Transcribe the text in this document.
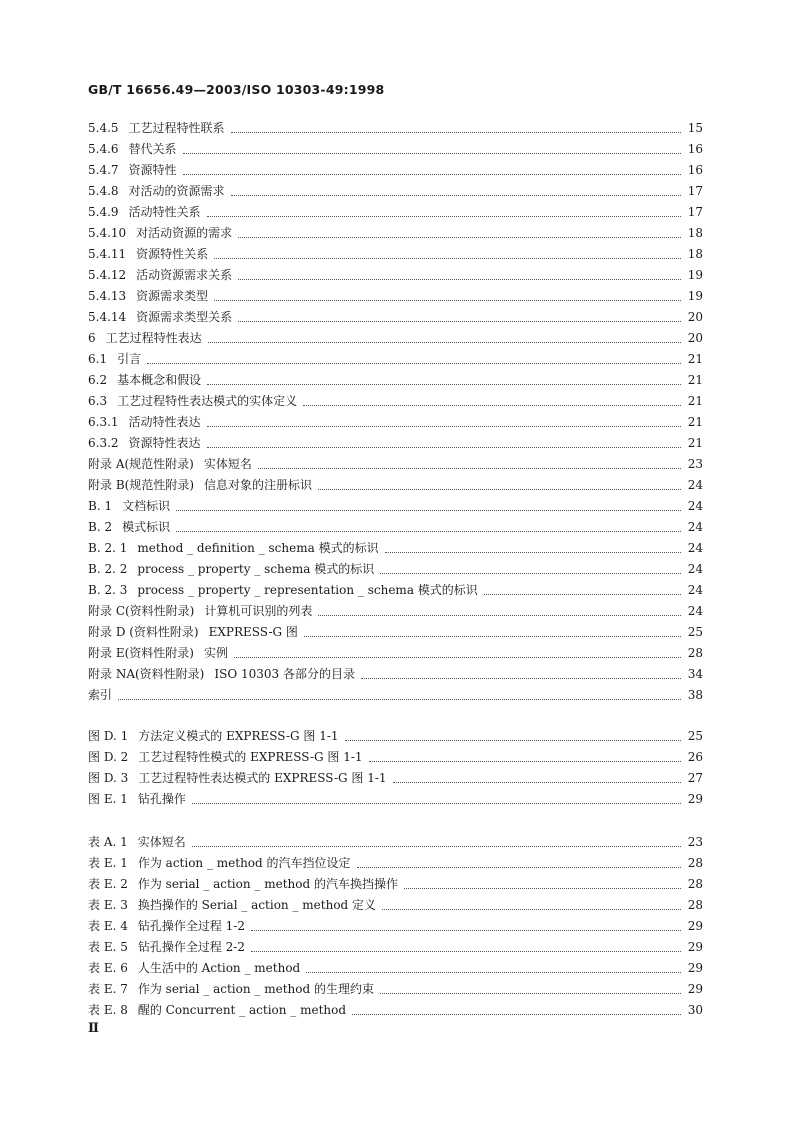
GB/T 16656.49—2003/ISO 10303-49:1998
5.4.5 工艺过程特性联系	15
5.4.6 替代关系	16
5.4.7 资源特性	16
5.4.8 对活动的资源需求	17
5.4.9 活动特性关系	17
5.4.10 对活动资源的需求	18
5.4.11 资源特性关系	18
5.4.12 活动资源需求关系	19
5.4.13 资源需求类型	19
5.4.14 资源需求类型关系	20
6 工艺过程特性表达	20
6.1 引言	21
6.2 基本概念和假设	21
6.3 工艺过程特性表达模式的实体定义	21
6.3.1 活动特性表达	21
6.3.2 资源特性表达	21
附录 A(规范性附录) 实体短名	23
附录 B(规范性附录) 信息对象的注册标识	24
B. 1 文档标识	24
B. 2 模式标识	24
B. 2. 1 method _ definition _ schema 模式的标识	24
B. 2. 2 process _ property _ schema 模式的标识	24
B. 2. 3 process _ property _ representation _ schema 模式的标识	24
附录 C(资料性附录) 计算机可识别的列表	24
附录 D (资料性附录) EXPRESS-G 图	25
附录 E(资料性附录) 实例	28
附录 NA(资料性附录) ISO 10303 各部分的目录	34
索引	38
图 D. 1 方法定义模式的 EXPRESS-G 图 1-1	25
图 D. 2 工艺过程特性模式的 EXPRESS-G 图 1-1	26
图 D. 3 工艺过程特性表达模式的 EXPRESS-G 图 1-1	27
图 E. 1 钻孔操作	29
表 A. 1 实体短名	23
表 E. 1 作为 action _ method 的汽车挡位设定	28
表 E. 2 作为 serial _ action _ method 的汽车换挡操作	28
表 E. 3 换挡操作的 Serial _ action _ method 定义	28
表 E. 4 钻孔操作全过程 1-2	29
表 E. 5 钻孔操作全过程 2-2	29
表 E. 6 人生活中的 Action _ method	29
表 E. 7 作为 serial _ action _ method 的生理约束	29
表 E. 8 醒的 Concurrent _ action _ method	30
Ⅱ
